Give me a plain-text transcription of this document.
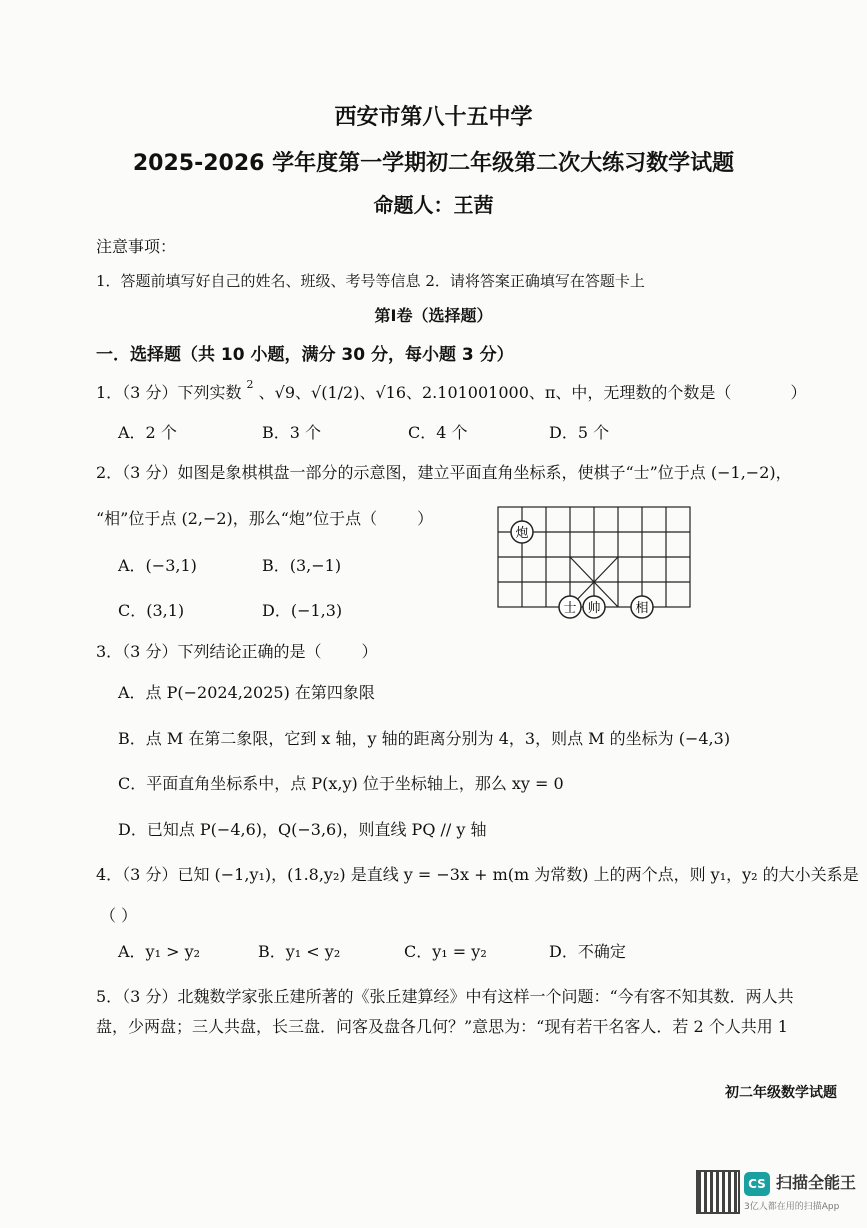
西安市第八十五中学
2025-2026 学年度第一学期初二年级第二次大练习数学试题
命题人：王茜
注意事项：
1．答题前填写好自己的姓名、班级、考号等信息 2．请将答案正确填写在答题卡上
第Ⅰ卷（选择题）
一．选择题（共 10 小题，满分 30 分，每小题 3 分）
1．（3 分）下列实数 $^2$ 、√9、√(1/2)、√16、2.101001000、π、中，无理数的个数是（	）
A．2 个	B．3 个	C．4 个	D．5 个
2．（3 分）如图是象棋棋盘一部分的示意图，建立平面直角坐标系，使棋子“士”位于点 (−1,−2)，
“相”位于点 (2,−2)，那么“炮”位于点（	）
A．(−3,1)	B．(3,−1)
C．(3,1)	D．(−1,3)
炮
士 帅	相
3．（3 分）下列结论正确的是（	）
A．点 P(−2024,2025) 在第四象限
B．点 M 在第二象限，它到 x 轴，y 轴的距离分别为 4，3，则点 M 的坐标为 (−4,3)
C．平面直角坐标系中，点 P(x,y) 位于坐标轴上，那么 xy = 0
D．已知点 P(−4,6)，Q(−3,6)，则直线 PQ // y 轴
4．（3 分）已知 (−1,y₁)，(1.8,y₂) 是直线 y = −3x + m(m 为常数) 上的两个点，则 y₁，y₂ 的大小关系是
（ ）
A．y₁ > y₂	B．y₁ < y₂	C．y₁ = y₂	D．不确定
5．（3 分）北魏数学家张丘建所著的《张丘建算经》中有这样一个问题：“今有客不知其数．两人共
盘，少两盘；三人共盘，长三盘．问客及盘各几何？”意思为：“现有若干名客人．若 2 个人共用 1
初二年级数学试题
CS 扫描全能王
3亿人都在用的扫描App
